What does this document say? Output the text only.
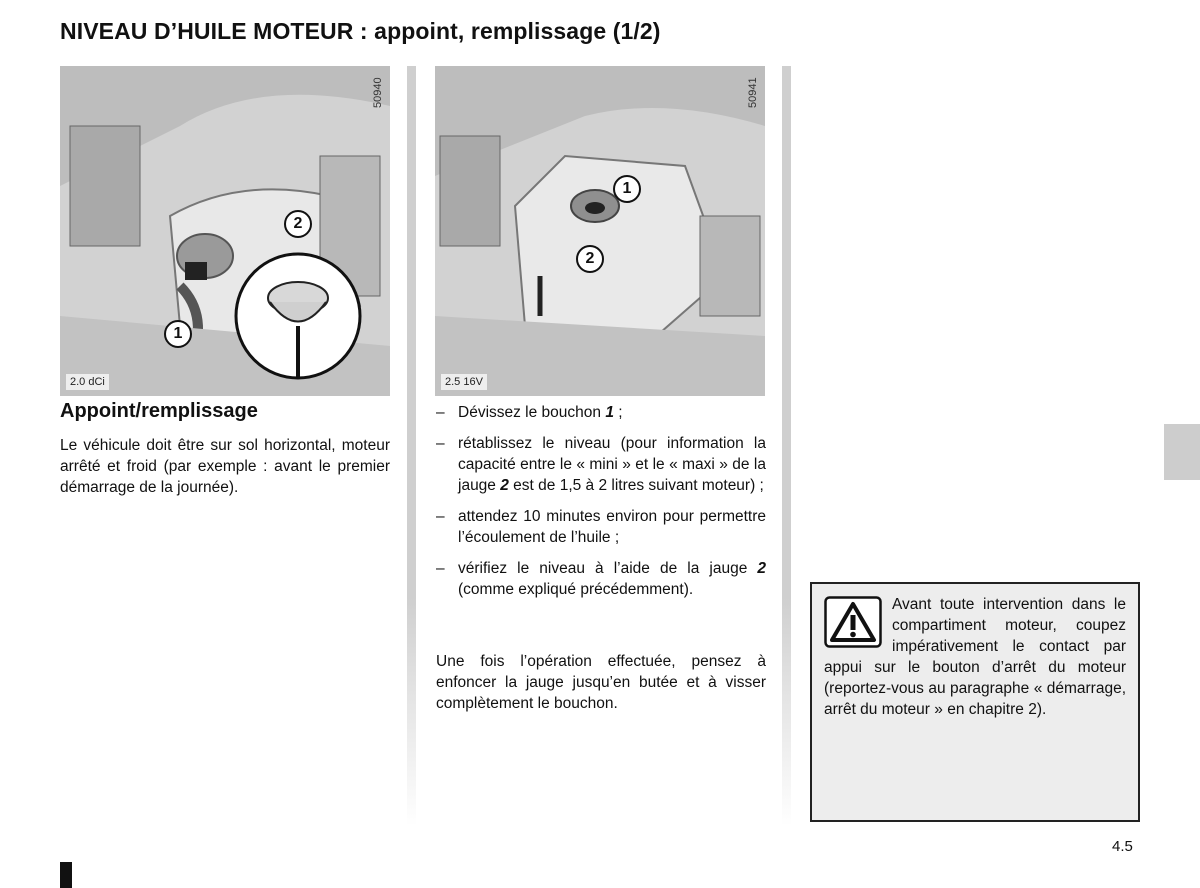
NIVEAU D’HUILE MOTEUR : appoint, remplissage (1/2)
50940
2.0 dCi
1
2
50941
2.5 16V
1
2
Appoint/remplissage
Le véhicule doit être sur sol horizontal, moteur arrêté et froid (par exemple : avant le premier démarrage de la journée).
– Dévissez le bouchon 1 ;
– rétablissez le niveau (pour information la capacité entre le « mini » et le « maxi » de la jauge 2 est de 1,5 à 2 litres suivant moteur) ;
– attendez 10 minutes environ pour permettre l’écoulement de l’huile ;
– vérifiez le niveau à l’aide de la jauge 2 (comme expliqué précédemment).
Une fois l’opération effectuée, pensez à enfoncer la jauge jusqu’en butée et à visser complètement le bouchon.
Avant toute intervention dans le compartiment moteur, coupez impérativement le contact par appui sur le bouton d’arrêt du moteur (reportez-vous au paragraphe « démarrage, arrêt du moteur » en chapitre 2).
4.5
